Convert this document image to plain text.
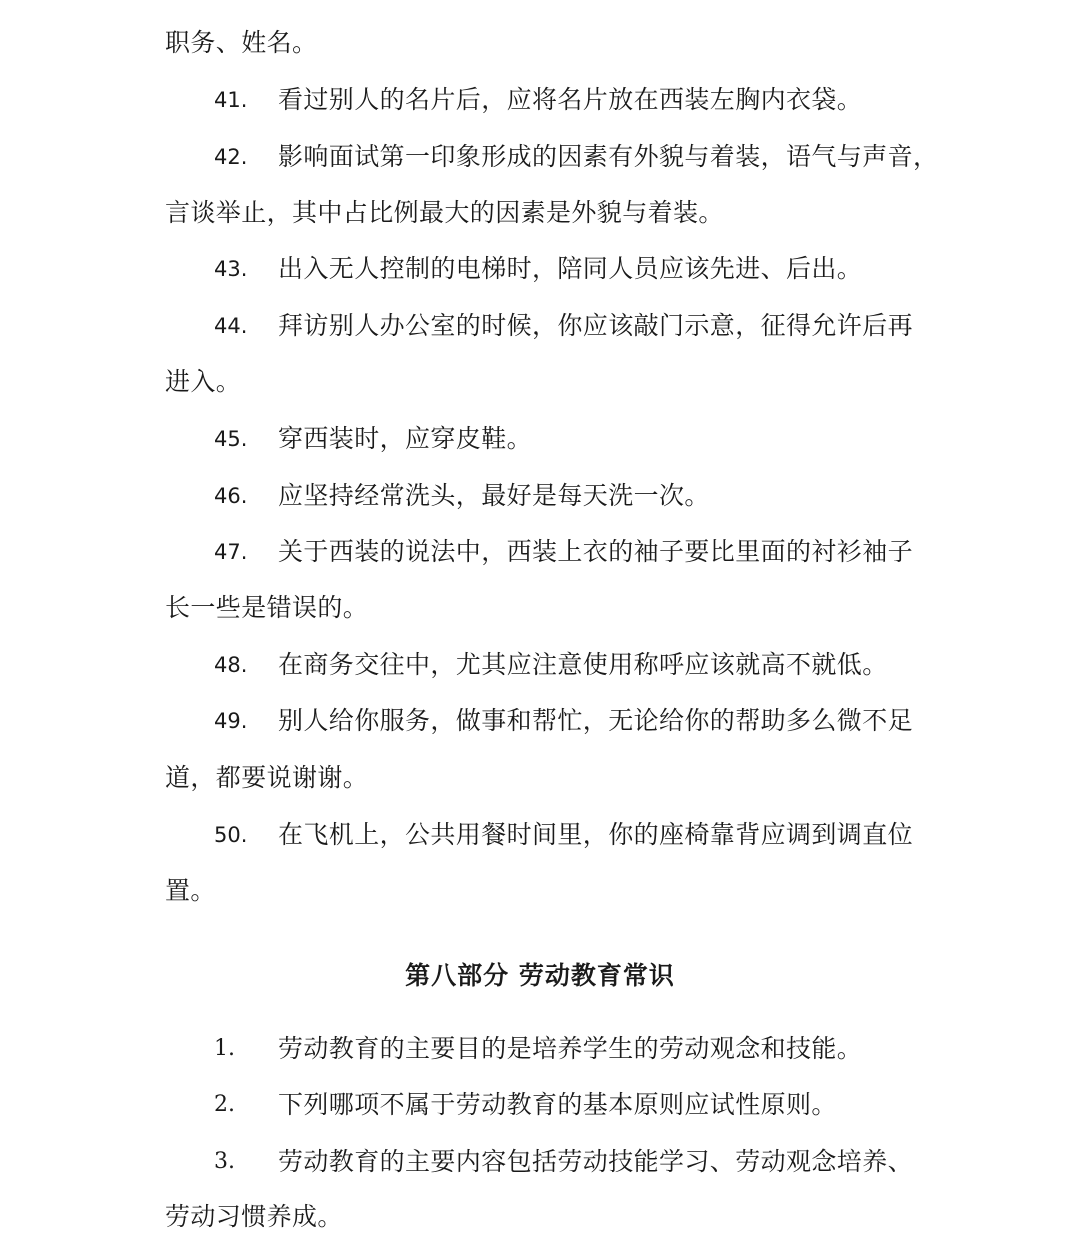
职务、姓名。
41. 看过别人的名片后，应将名片放在西装左胸内衣袋。
42. 影响面试第一印象形成的因素有外貌与着装，语气与声音，
言谈举止，其中占比例最大的因素是外貌与着装。
43. 出入无人控制的电梯时，陪同人员应该先进、后出。
44. 拜访别人办公室的时候，你应该敲门示意，征得允许后再
进入。
45. 穿西装时，应穿皮鞋。
46. 应坚持经常洗头，最好是每天洗一次。
47. 关于西装的说法中，西装上衣的袖子要比里面的衬衫袖子
长一些是错误的。
48. 在商务交往中，尤其应注意使用称呼应该就高不就低。
49. 别人给你服务，做事和帮忙，无论给你的帮助多么微不足
道，都要说谢谢。
50. 在飞机上，公共用餐时间里，你的座椅靠背应调到调直位
置。
第八部分 劳动教育常识
1. 劳动教育的主要目的是培养学生的劳动观念和技能。
2. 下列哪项不属于劳动教育的基本原则应试性原则。
3. 劳动教育的主要内容包括劳动技能学习、劳动观念培养、
劳动习惯养成。
